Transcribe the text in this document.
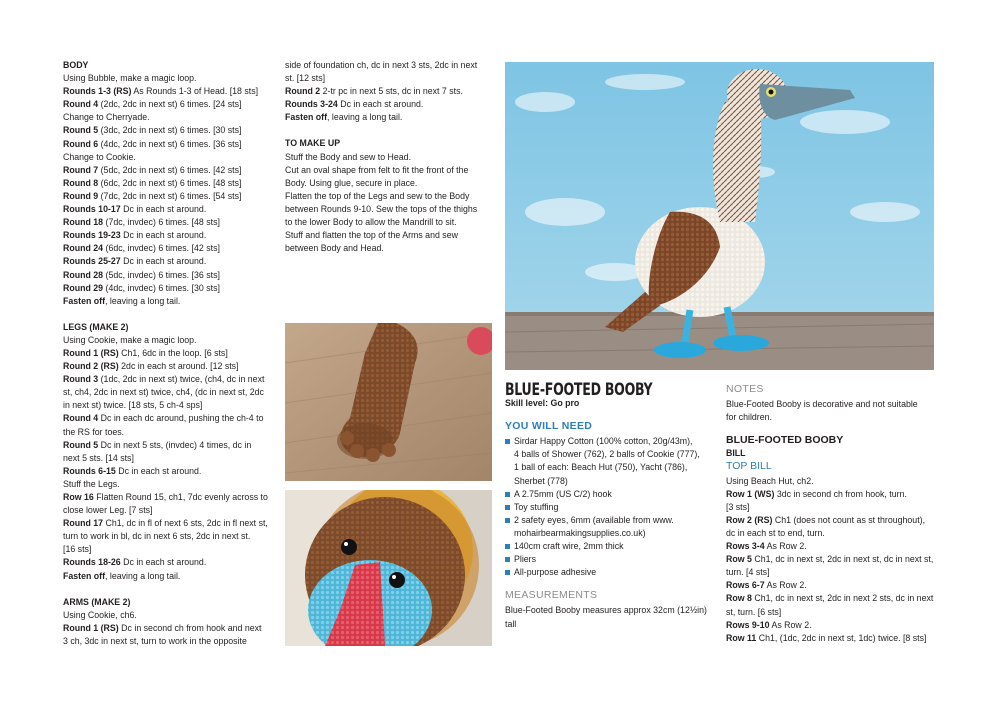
BODY

Using Bubble, make a magic loop.

Rounds 1-3 (RS) As Rounds 1-3 of Head. [18 sts]

Round 4 (2dc, 2dc in next st) 6 times. [24 sts]

Change to Cherryade.

Round 5 (3dc, 2dc in next st) 6 times. [30 sts]

Round 6 (4dc, 2dc in next st) 6 times. [36 sts]

Change to Cookie.

Round 7 (5dc, 2dc in next st) 6 times. [42 sts]

Round 8 (6dc, 2dc in next st) 6 times. [48 sts]

Round 9 (7dc, 2dc in next st) 6 times. [54 sts]

Rounds 10-17 Dc in each st around.

Round 18 (7dc, invdec) 6 times. [48 sts]

Rounds 19-23 Dc in each st around.

Round 24 (6dc, invdec) 6 times. [42 sts]

Rounds 25-27 Dc in each st around.

Round 28 (5dc, invdec) 6 times. [36 sts]

Round 29 (4dc, invdec) 6 times. [30 sts]

Fasten off, leaving a long tail.

LEGS (MAKE 2)

Using Cookie, make a magic loop.

Round 1 (RS) Ch1, 6dc in the loop. [6 sts]

Round 2 (RS) 2dc in each st around. [12 sts]

Round 3 (1dc, 2dc in next st) twice, (ch4, dc in next

st, ch4, 2dc in next st) twice, ch4, (dc in next st, 2dc

in next st) twice. [18 sts, 5 ch-4 sps]

Round 4 Dc in each dc around, pushing the ch-4 to

the RS for toes.

Round 5 Dc in next 5 sts, (invdec) 4 times, dc in

next 5 sts. [14 sts]

Rounds 6-15 Dc in each st around.

Stuff the Legs.

Row 16 Flatten Round 15, ch1, 7dc evenly across to

close lower Leg. [7 sts]

Round 17 Ch1, dc in fl of next 6 sts, 2dc in fl next st,

turn to work in bl, dc in next 6 sts, 2dc in next st.

[16 sts]

Rounds 18-26 Dc in each st around.

Fasten off, leaving a long tail.

ARMS (MAKE 2)

Using Cookie, ch6.

Round 1 (RS) Dc in second ch from hook and next

3 ch, 3dc in next st, turn to work in the opposite

side of foundation ch, dc in next 3 sts, 2dc in next

st. [12 sts]

Round 2 2-tr pc in next 5 sts, dc in next 7 sts.

Rounds 3-24 Dc in each st around.

Fasten off, leaving a long tail.

TO MAKE UP

Stuff the Body and sew to Head.

Cut an oval shape from felt to fit the front of the

Body. Using glue, secure in place.

Flatten the top of the Legs and sew to the Body

between Rounds 9-10. Sew the tops of the thighs

to the lower Body to allow the Mandrill to sit.

Stuff and flatten the top of the Arms and sew

between Body and Head.

BLUE-FOOTED BOOBY

Skill level: Go pro

YOU WILL NEED

Sirdar Happy Cotton (100% cotton, 20g/43m),

4 balls of Shower (762), 2 balls of Cookie (777),

1 ball of each: Beach Hut (750), Yacht (786),

Sherbet (778)

A 2.75mm (US C/2) hook

Toy stuffing

2 safety eyes, 6mm (available from www.

mohairbearmakingsupplies.co.uk)

140cm craft wire, 2mm thick

Pliers

All-purpose adhesive

MEASUREMENTS

Blue-Footed Booby measures approx 32cm (12½in)

tall

NOTES

Blue-Footed Booby is decorative and not suitable

for children.

BLUE-FOOTED BOOBY

BILL

TOP BILL

Using Beach Hut, ch2.

Row 1 (WS) 3dc in second ch from hook, turn.

[3 sts]

Row 2 (RS) Ch1 (does not count as st throughout),

dc in each st to end, turn.

Rows 3-4 As Row 2.

Row 5 Ch1, dc in next st, 2dc in next st, dc in next st,

turn. [4 sts]

Rows 6-7 As Row 2.

Row 8 Ch1, dc in next st, 2dc in next 2 sts, dc in next

st, turn. [6 sts]

Rows 9-10 As Row 2.

Row 11 Ch1, (1dc, 2dc in next st, 1dc) twice. [8 sts]
